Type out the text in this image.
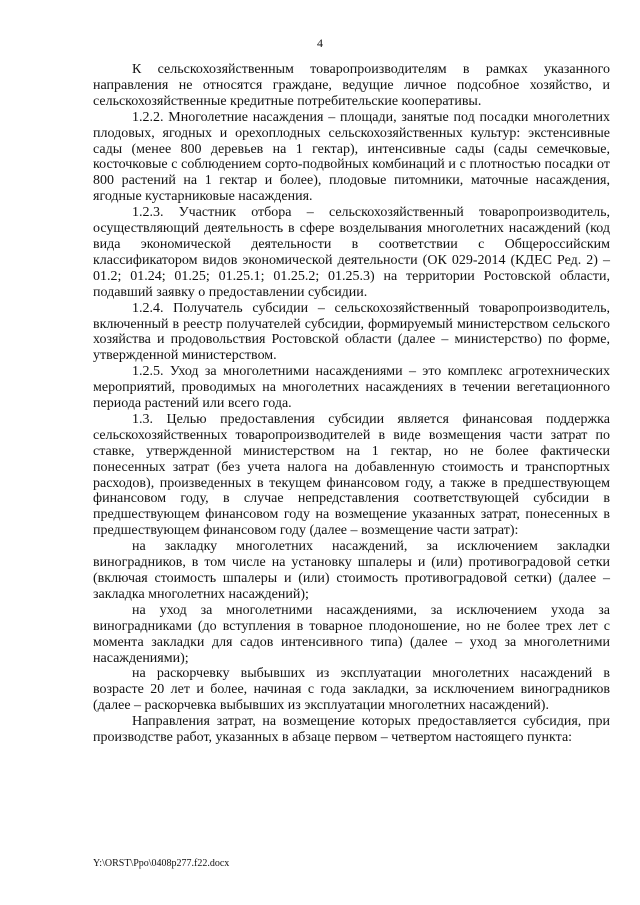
4

К сельскохозяйственным товаропроизводителям в рамках указанного направления не относятся граждане, ведущие личное подсобное хозяйство, и сельскохозяйственные кредитные потребительские кооперативы.

1.2.2. Многолетние насаждения – площади, занятые под посадки многолетних плодовых, ягодных и орехоплодных сельскохозяйственных культур: экстенсивные сады (менее 800 деревьев на 1 гектар), интенсивные сады (сады семечковые, косточковые с соблюдением сорто-подвойных комбинаций и с плотностью посадки от 800 растений на 1 гектар и более), плодовые питомники, маточные насаждения, ягодные кустарниковые насаждения.

1.2.3. Участник отбора – сельскохозяйственный товаропроизводитель, осуществляющий деятельность в сфере возделывания многолетних насаждений (код вида экономической деятельности в соответствии с Общероссийским классификатором видов экономической деятельности (ОК 029-2014 (КДЕС Ред. 2) – 01.2; 01.24; 01.25; 01.25.1; 01.25.2; 01.25.3) на территории Ростовской области, подавший заявку о предоставлении субсидии.

1.2.4. Получатель субсидии – сельскохозяйственный товаропроизводитель, включенный в реестр получателей субсидии, формируемый министерством сельского хозяйства и продовольствия Ростовской области (далее – министерство) по форме, утвержденной министерством.

1.2.5. Уход за многолетними насаждениями – это комплекс агротехнических мероприятий, проводимых на многолетних насаждениях в течении вегетационного периода растений или всего года.

1.3. Целью предоставления субсидии является финансовая поддержка сельскохозяйственных товаропроизводителей в виде возмещения части затрат по ставке, утвержденной министерством на 1 гектар, но не более фактически понесенных затрат (без учета налога на добавленную стоимость и транспортных расходов), произведенных в текущем финансовом году, а также в предшествующем финансовом году, в случае непредставления соответствующей субсидии в предшествующем финансовом году на возмещение указанных затрат, понесенных в предшествующем финансовом году (далее – возмещение части затрат):

на закладку многолетних насаждений, за исключением закладки виноградников, в том числе на установку шпалеры и (или) противоградовой сетки (включая стоимость шпалеры и (или) стоимость противоградовой сетки) (далее – закладка многолетних насаждений);

на уход за многолетними насаждениями, за исключением ухода за виноградниками (до вступления в товарное плодоношение, но не более трех лет с момента закладки для садов интенсивного типа) (далее – уход за многолетними насаждениями);

на раскорчевку выбывших из эксплуатации многолетних насаждений в возрасте 20 лет и более, начиная с года закладки, за исключением виноградников (далее – раскорчевка выбывших из эксплуатации многолетних насаждений).

Направления затрат, на возмещение которых предоставляется субсидия, при производстве работ, указанных в абзаце первом – четвертом настоящего пункта:

Y:\ORST\Ppo\0408p277.f22.docx
